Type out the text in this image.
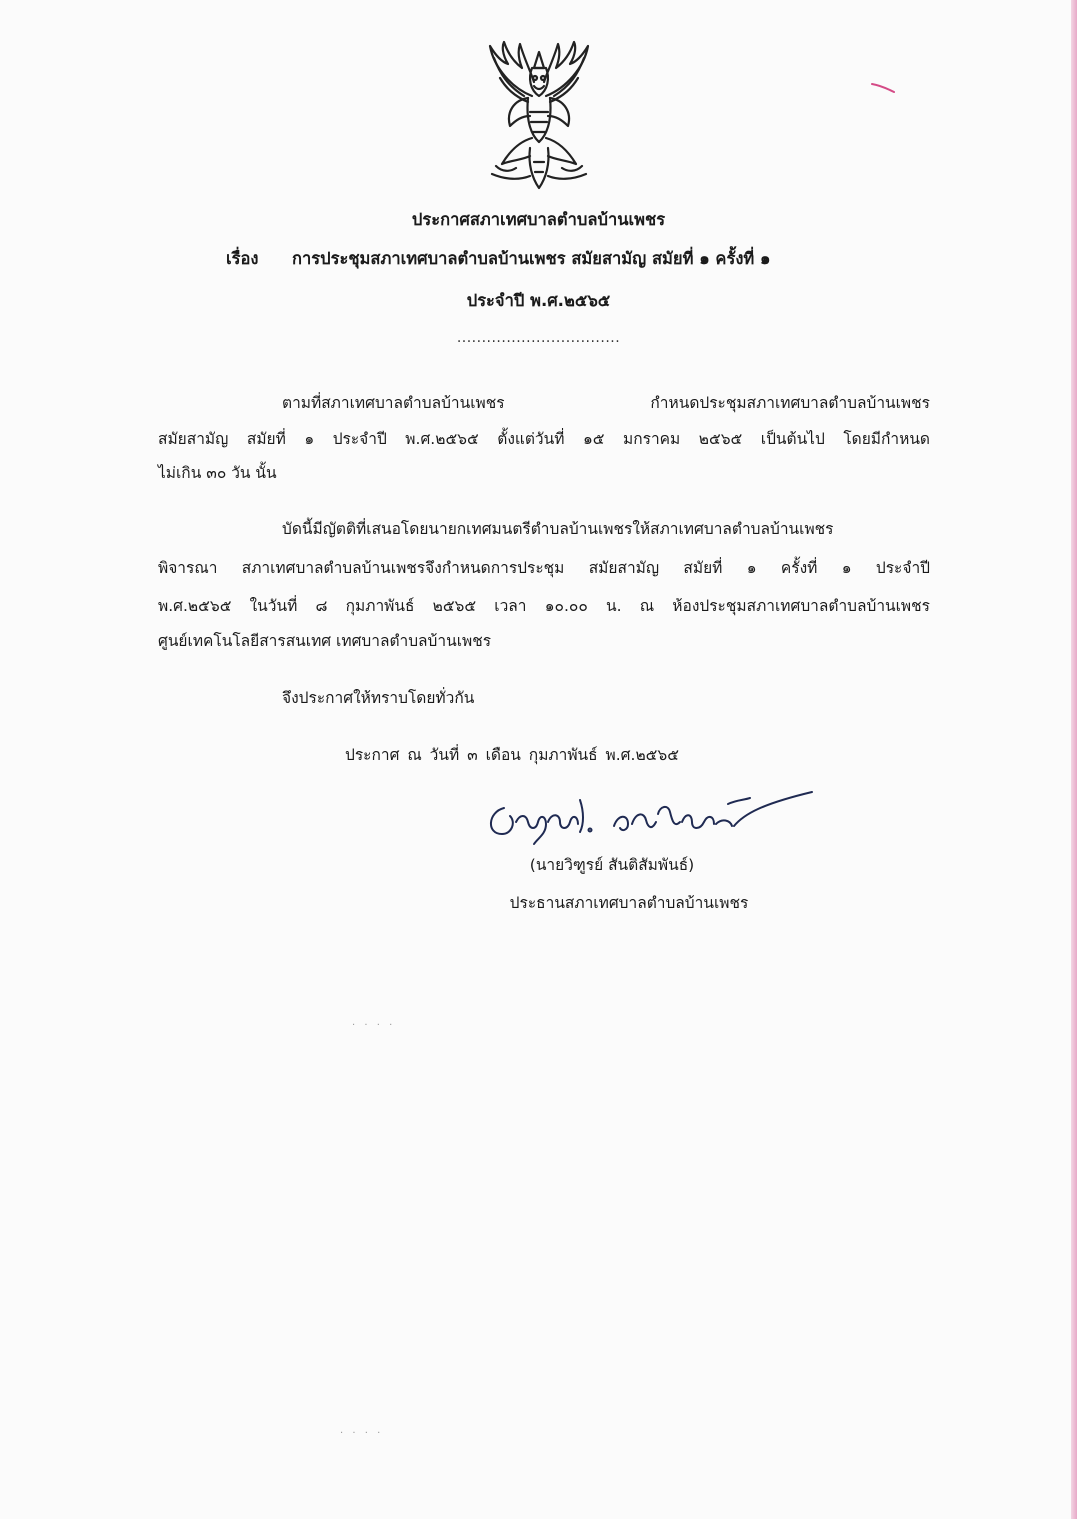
ประกาศสภาเทศบาลตำบลบ้านเพชร
เรื่อง การประชุมสภาเทศบาลตำบลบ้านเพชร สมัยสามัญ สมัยที่ ๑ ครั้งที่ ๑
ประจำปี พ.ศ.๒๕๖๕
.................................
ตามที่สภาเทศบาลตำบลบ้านเพชร กำหนดประชุมสภาเทศบาลตำบลบ้านเพชร
สมัยสามัญ สมัยที่ ๑ ประจำปี พ.ศ.๒๕๖๕ ตั้งแต่วันที่ ๑๕ มกราคม ๒๕๖๕ เป็นต้นไป โดยมีกำหนด
ไม่เกิน ๓๐ วัน นั้น
บัดนี้มีญัตติที่เสนอโดยนายกเทศมนตรีตำบลบ้านเพชรให้สภาเทศบาลตำบลบ้านเพชร
พิจารณา สภาเทศบาลตำบลบ้านเพชรจึงกำหนดการประชุม สมัยสามัญ สมัยที่ ๑ ครั้งที่ ๑ ประจำปี
พ.ศ.๒๕๖๕ ในวันที่ ๘ กุมภาพันธ์ ๒๕๖๕ เวลา ๑๐.๐๐ น. ณ ห้องประชุมสภาเทศบาลตำบลบ้านเพชร
ศูนย์เทคโนโลยีสารสนเทศ เทศบาลตำบลบ้านเพชร
จึงประกาศให้ทราบโดยทั่วกัน
ประกาศ ณ วันที่ ๓ เดือน กุมภาพันธ์ พ.ศ.๒๕๖๕
(นายวิฑูรย์ สันติสัมพันธ์)
ประธานสภาเทศบาลตำบลบ้านเพชร
· · · ·
· · · ·
